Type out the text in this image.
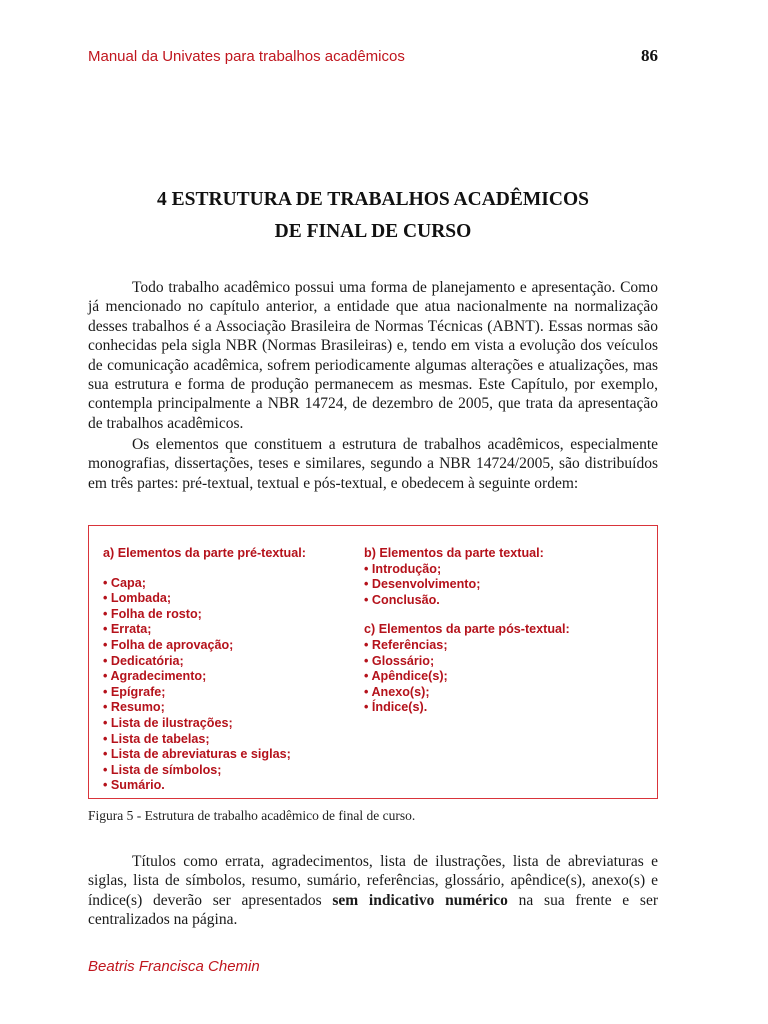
Manual da Univates para trabalhos acadêmicos	86
4 ESTRUTURA DE TRABALHOS ACADÊMICOS
DE FINAL DE CURSO

Todo trabalho acadêmico possui uma forma de planejamento e apresentação. Como já mencionado no capítulo anterior, a entidade que atua nacionalmente na normalização desses trabalhos é a Associação Brasileira de Normas Técnicas (ABNT). Essas normas são conhecidas pela sigla NBR (Normas Brasileiras) e, tendo em vista a evolução dos veículos de comunicação acadêmica, sofrem periodicamente algumas alterações e atualizações, mas sua estrutura e forma de produção permanecem as mesmas. Este Capítulo, por exemplo, contempla principalmente a NBR 14724, de dezembro de 2005, que trata da apresentação de trabalhos acadêmicos.

Os elementos que constituem a estrutura de trabalhos acadêmicos, especialmente monografias, dissertações, teses e similares, segundo a NBR 14724/2005, são distribuídos em três partes: pré-textual, textual e pós-textual, e obedecem à seguinte ordem:

a) Elementos da parte pré-textual:
• Capa;
• Lombada;
• Folha de rosto;
• Errata;
• Folha de aprovação;
• Dedicatória;
• Agradecimento;
• Epígrafe;
• Resumo;
• Lista de ilustrações;
• Lista de tabelas;
• Lista de abreviaturas e siglas;
• Lista de símbolos;
• Sumário.
b) Elementos da parte textual:
• Introdução;
• Desenvolvimento;
• Conclusão.
c) Elementos da parte pós-textual:
• Referências;
• Glossário;
• Apêndice(s);
• Anexo(s);
• Índice(s).
Figura 5 - Estrutura de trabalho acadêmico de final de curso.

Títulos como errata, agradecimentos, lista de ilustrações, lista de abreviaturas e siglas, lista de símbolos, resumo, sumário, referências, glossário, apêndice(s), anexo(s) e índice(s) deverão ser apresentados sem indicativo numérico na sua frente e ser centralizados na página.

Beatris Francisca Chemin
